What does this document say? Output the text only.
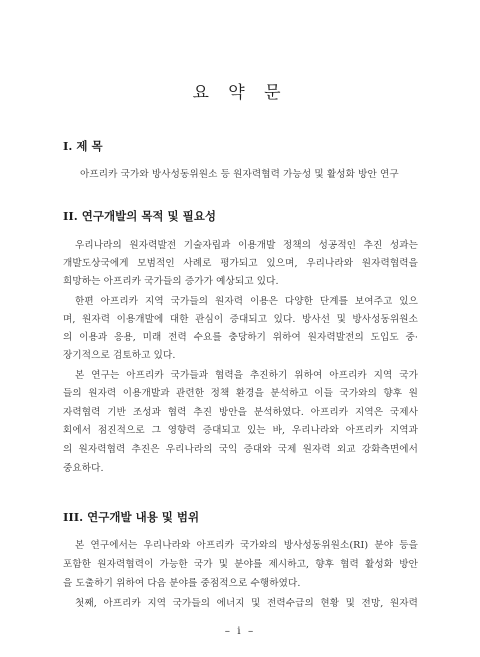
요 약 문
I. 제 목
아프리카 국가와 방사성동위원소 등 원자력협력 가능성 및 활성화 방안 연구
II. 연구개발의 목적 및 필요성
우리나라의 원자력발전 기술자립과 이용개발 정책의 성공적인 추진 성과는
개발도상국에게 모범적인 사례로 평가되고 있으며, 우리나라와 원자력협력을
희망하는 아프리카 국가들의 증가가 예상되고 있다.
한편 아프리카 지역 국가들의 원자력 이용은 다양한 단계를 보여주고 있으
며, 원자력 이용개발에 대한 관심이 증대되고 있다. 방사선 및 방사성동위원소
의 이용과 응용, 미래 전력 수요를 충당하기 위하여 원자력발전의 도입도 중·
장기적으로 검토하고 있다.
본 연구는 아프리카 국가들과 협력을 추진하기 위하여 아프리카 지역 국가
들의 원자력 이용개발과 관련한 정책 환경을 분석하고 이들 국가와의 향후 원
자력협력 기반 조성과 협력 추진 방안을 분석하였다. 아프리카 지역은 국제사
회에서 점진적으로 그 영향력 증대되고 있는 바, 우리나라와 아프리카 지역과
의 원자력협력 추진은 우리나라의 국익 증대와 국제 원자력 외교 강화측면에서
중요하다.
III. 연구개발 내용 및 범위
본 연구에서는 우리나라와 아프리카 국가와의 방사성동위원소(RI) 분야 등을
포함한 원자력협력이 가능한 국가 및 분야를 제시하고, 향후 협력 활성화 방안
을 도출하기 위하여 다음 분야를 중점적으로 수행하였다.
첫째, 아프리카 지역 국가들의 에너지 및 전력수급의 현황 및 전망, 원자력
– i –
